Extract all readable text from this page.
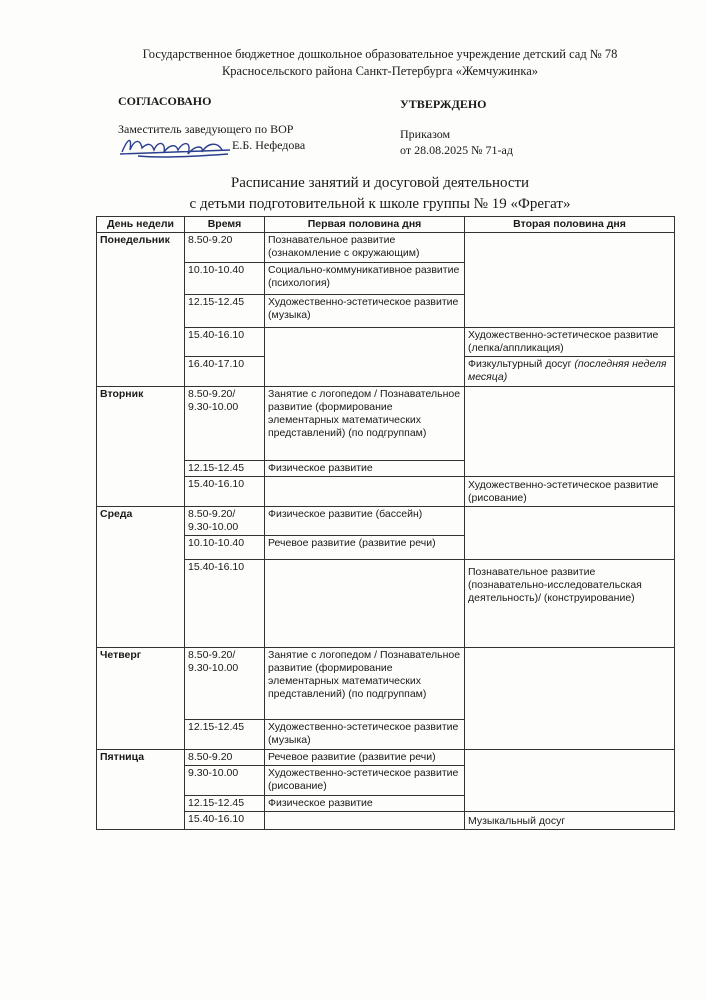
Государственное бюджетное дошкольное образовательное учреждение детский сад № 78
Красносельского района Санкт-Петербурга «Жемчужинка»
СОГЛАСОВАНО
Заместитель заведующего по ВОР
Е.Б. Нефедова
УТВЕРЖДЕНО
Приказом
от 28.08.2025 № 71-ад
Расписание занятий и досуговой деятельности
с детьми подготовительной к школе группы № 19 «Фрегат»
День недели	Время	Первая половина дня	Вторая половина дня
Понедельник	8.50-9.20	Познавательное развитие (ознакомление с окружающим)	
	10.10-10.40	Социально-коммуникативное развитие (психология)	
	12.15-12.45	Художественно-эстетическое развитие (музыка)	
	15.40-16.10		Художественно-эстетическое развитие (лепка/аппликация)
	16.40-17.10		Физкультурный досуг (последняя неделя месяца)
Вторник	8.50-9.20/ 9.30-10.00	Занятие с логопедом / Познавательное развитие (формирование элементарных математических представлений) (по подгруппам)	
	12.15-12.45	Физическое развитие	
	15.40-16.10		Художественно-эстетическое развитие (рисование)
Среда	8.50-9.20/ 9.30-10.00	Физическое развитие (бассейн)	
	10.10-10.40	Речевое развитие (развитие речи)	
	15.40-16.10		Познавательное развитие (познавательно-исследовательская деятельность)/ (конструирование)
Четверг	8.50-9.20/ 9.30-10.00	Занятие с логопедом / Познавательное развитие (формирование элементарных математических представлений) (по подгруппам)	
	12.15-12.45	Художественно-эстетическое развитие (музыка)	
Пятница	8.50-9.20	Речевое развитие (развитие речи)	
	9.30-10.00	Художественно-эстетическое развитие (рисование)	
	12.15-12.45	Физическое развитие	
	15.40-16.10		Музыкальный досуг
